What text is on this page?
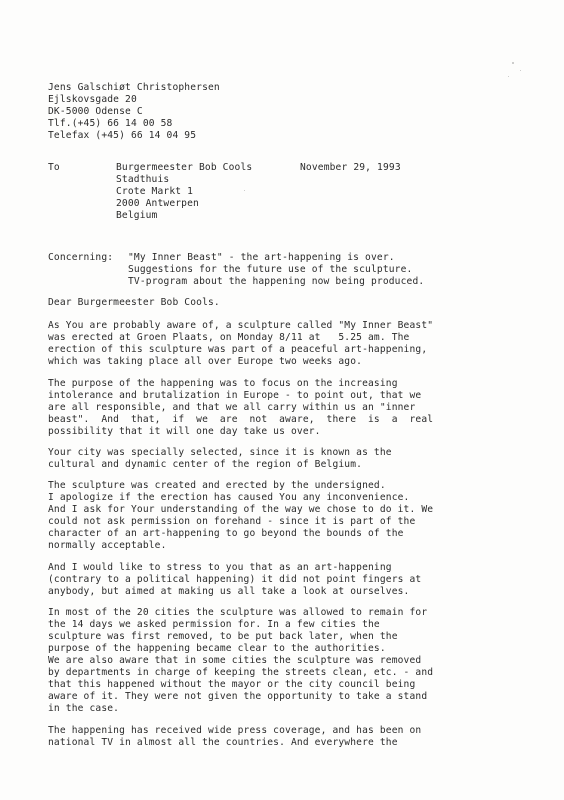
Jens Galschiøt Christophersen
Ejlskovsgade 20
DK-5000 Odense C
Tlf.(+45) 66 14 00 58
Telefax (+45) 66 14 04 95
To	Burgermeester Bob Cools
Stadthuis
Crote Markt 1
2000 Antwerpen
Belgium
November 29, 1993
Concerning: "My Inner Beast" - the art-happening is over.
Suggestions for the future use of the sculpture.
TV-program about the happening now being produced.
Dear Burgermeester Bob Cools.
As You are probably aware of, a sculpture called "My Inner Beast"
was erected at Groen Plaats, on Monday 8/11 at   5.25 am. The
erection of this sculpture was part of a peaceful art-happening,
which was taking place all over Europe two weeks ago.
The purpose of the happening was to focus on the increasing
intolerance and brutalization in Europe - to point out, that we
are all responsible, and that we all carry within us an "inner
beast".  And  that,  if  we  are  not  aware,  there  is  a  real
possibility that it will one day take us over.
Your city was specially selected, since it is known as the
cultural and dynamic center of the region of Belgium.
The sculpture was created and erected by the undersigned.
I apologize if the erection has caused You any inconvenience.
And I ask for Your understanding of the way we chose to do it. We
could not ask permission on forehand - since it is part of the
character of an art-happening to go beyond the bounds of the
normally acceptable.
And I would like to stress to you that as an art-happening
(contrary to a political happening) it did not point fingers at
anybody, but aimed at making us all take a look at ourselves.
In most of the 20 cities the sculpture was allowed to remain for
the 14 days we asked permission for. In a few cities the
sculpture was first removed, to be put back later, when the
purpose of the happening became clear to the authorities.
We are also aware that in some cities the sculpture was removed
by departments in charge of keeping the streets clean, etc. - and
that this happened without the mayor or the city council being
aware of it. They were not given the opportunity to take a stand
in the case.
The happening has received wide press coverage, and has been on
national TV in almost all the countries. And everywhere the
